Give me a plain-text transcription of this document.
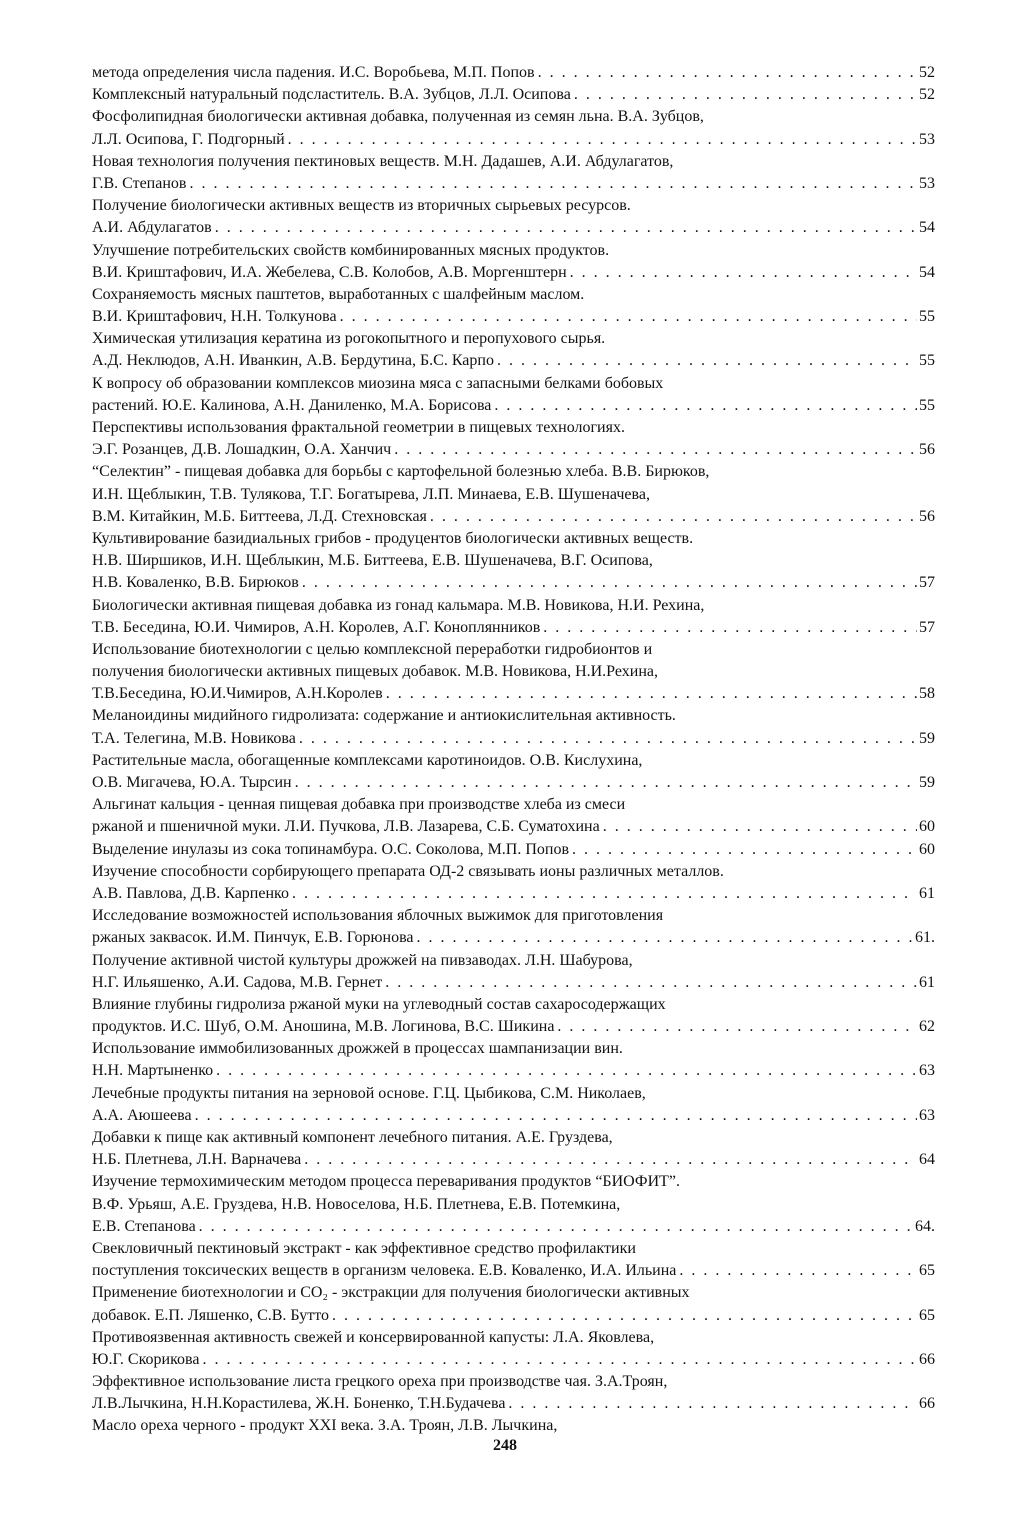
метода определения числа падения. И.С. Воробьева, М.П. Попов . . .	52
Комплексный натуральный подсластитель. В.А. Зубцов, Л.Л. Осипова . . .	52
Фосфолипидная биологически активная добавка, полученная из семян льна. В.А. Зубцов,
Л.Л. Осипова, Г. Подгорный . . .	53
Новая технология получения пектиновых веществ. М.Н. Дадашев, А.И. Абдулагатов,
Г.В. Степанов . . .	53
Получение биологически активных веществ из вторичных сырьевых ресурсов.
А.И. Абдулагатов . . .	54
Улучшение потребительских свойств комбинированных мясных продуктов.
В.И. Криштафович, И.А. Жебелева, С.В. Колобов, А.В. Моргенштерн . . .	54
Сохраняемость мясных паштетов, выработанных с шалфейным маслом.
В.И. Криштафович, Н.Н. Толкунова . . .	55
Химическая утилизация кератина из рогокопытного и перопухового сырья.
А.Д. Неклюдов, А.Н. Иванкин, А.В. Бердутина, Б.С. Карпо . . .	55
К вопросу об образовании комплексов миозина мяса с запасными белками бобовых
растений. Ю.Е. Калинова, А.Н. Даниленко, М.А. Борисова . . .	55
Перспективы использования фрактальной геометрии в пищевых технологиях.
Э.Г. Розанцев, Д.В. Лошадкин, О.А. Ханчич . . .	56
“Селектин” - пищевая добавка для борьбы с картофельной болезнью хлеба. В.В. Бирюков,
И.Н. Щеблыкин, Т.В. Тулякова, Т.Г. Богатырева, Л.П. Минаева, Е.В. Шушеначева,
В.М. Китайкин, М.Б. Биттеева, Л.Д. Стехновская . . .	56
Культивирование базидиальных грибов - продуцентов биологически активных веществ.
Н.В. Ширшиков, И.Н. Щеблыкин, М.Б. Биттеева, Е.В. Шушеначева, В.Г. Осипова,
Н.В. Коваленко, В.В. Бирюков . . .	57
Биологически активная пищевая добавка из гонад кальмара. М.В. Новикова, Н.И. Рехина,
Т.В. Беседина, Ю.И. Чимиров, А.Н. Королев, А.Г. Коноплянников . . .	57
Использование биотехнологии с целью комплексной переработки гидробионтов и
получения биологически активных пищевых добавок. М.В. Новикова, Н.И.Рехина,
Т.В.Беседина, Ю.И.Чимиров, А.Н.Королев . . .	58
Меланоидины мидийного гидролизата: содержание и антиокислительная активность.
Т.А. Телегина, М.В. Новикова . . .	59
Растительные масла, обогащенные комплексами каротиноидов. О.В. Кислухина,
О.В. Мигачева, Ю.А. Тырсин . . .	59
Альгинат кальция - ценная пищевая добавка при производстве хлеба из смеси
ржаной и пшеничной муки. Л.И. Пучкова, Л.В. Лазарева, С.Б. Суматохина . . .	60
Выделение инулазы из сока топинамбура. О.С. Соколова, М.П. Попов . . .	60
Изучение способности сорбирующего препарата ОД-2 связывать ионы различных металлов.
А.В. Павлова, Д.В. Карпенко . . .	61
Исследование возможностей использования яблочных выжимок для приготовления
ржаных заквасок. И.М. Пинчук, Е.В. Горюнова . . .	61.
Получение активной чистой культуры дрожжей на пивзаводах. Л.Н. Шабурова,
Н.Г. Ильяшенко, А.И. Садова, М.В. Гернет . . .	61
Влияние глубины гидролиза ржаной муки на углеводный состав сахаросодержащих
продуктов. И.С. Шуб, О.М. Аношина, М.В. Логинова, В.С. Шикина . . .	62
Использование иммобилизованных дрожжей в процессах шампанизации вин.
Н.Н. Мартыненко . . .	63
Лечебные продукты питания на зерновой основе. Г.Ц. Цыбикова, С.М. Николаев,
А.А. Аюшеева . . .	63
Добавки к пище как активный компонент лечебного питания. А.Е. Груздева,
Н.Б. Плетнева, Л.Н. Варначева . . .	64
Изучение термохимическим методом процесса переваривания продуктов “БИОФИТ”.
В.Ф. Урьяш, А.Е. Груздева, Н.В. Новоселова, Н.Б. Плетнева, Е.В. Потемкина,
Е.В. Степанова . . .	64.
Свекловичный пектиновый экстракт - как эффективное средство профилактики
поступления токсических веществ в организм человека. Е.В. Коваленко, И.А. Ильина . . .	65
Применение биотехнологии и CO₂ - экстракции для получения биологически активных
добавок. Е.П. Ляшенко, С.В. Бутто . . .	65
Противоязвенная активность свежей и консервированной капусты: Л.А. Яковлева,
Ю.Г. Скорикова . . .	66
Эффективное использование листа грецкого ореха при производстве чая. З.А.Троян,
Л.В.Лычкина, Н.Н.Корастилева, Ж.Н. Боненко, Т.Н.Будачева . . .	66
Масло ореха черного - продукт XXI века. З.А. Троян, Л.В. Лычкина,
248
